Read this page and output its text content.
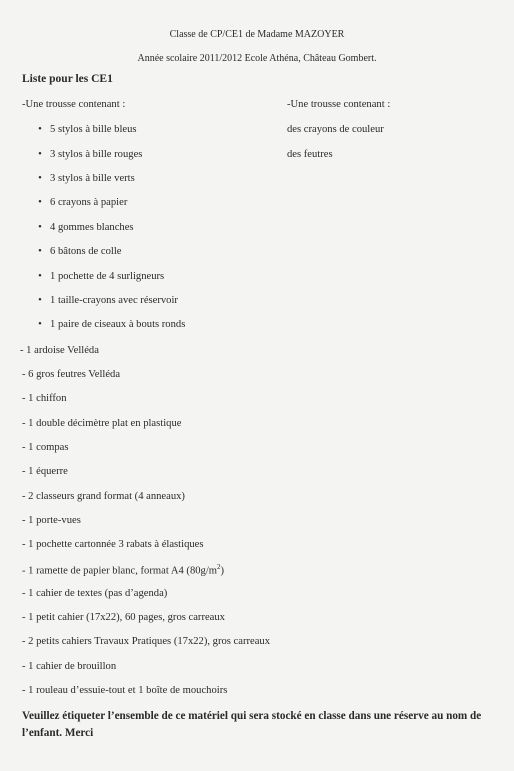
Classe de CP/CE1 de Madame MAZOYER
Année scolaire 2011/2012 Ecole Athéna, Château Gombert.
Liste pour les CE1
-Une trousse contenant :
• 5 stylos à bille bleus
• 3 stylos à bille rouges
• 3 stylos à bille verts
• 6 crayons à papier
• 4 gommes blanches
• 6 bâtons de colle
• 1 pochette de 4 surligneurs
• 1 taille-crayons avec réservoir
• 1 paire de ciseaux à bouts ronds
-Une trousse contenant :
des crayons de couleur
des feutres
- 1 ardoise Velléda
- 6 gros feutres Velléda
- 1 chiffon
- 1 double décimètre plat en plastique
- 1 compas
- 1 équerre
- 2 classeurs grand format (4 anneaux)
- 1 porte-vues
- 1 pochette cartonnée 3 rabats à élastiques
- 1 ramette de papier blanc, format A4 $(80g/m^2)$
- 1 cahier de textes (pas d’agenda)
- 1 petit cahier (17x22), 60 pages, gros carreaux
- 2 petits cahiers Travaux Pratiques (17x22), gros carreaux
- 1 cahier de brouillon
- 1 rouleau d’essuie-tout et 1 boîte de mouchoirs
Veuillez étiqueter l’ensemble de ce matériel qui sera stocké en classe dans une réserve au nom de l’enfant. Merci
